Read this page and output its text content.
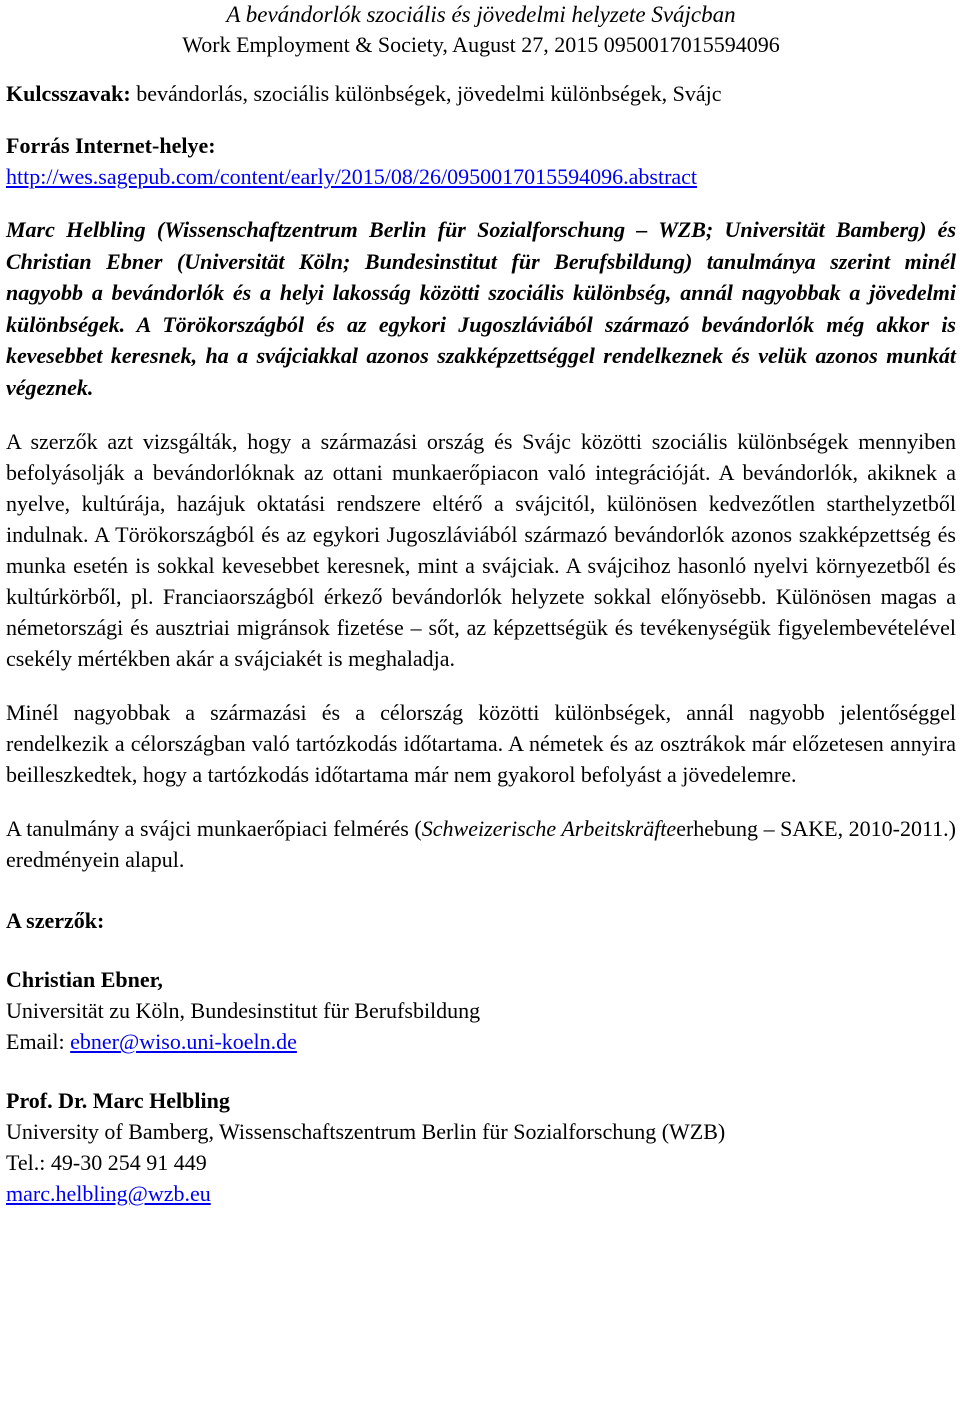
A bevándorlók szociális és jövedelmi helyzete Svájcban
Work Employment & Society, August 27, 2015 0950017015594096
Kulcsszavak: bevándorlás, szociális különbségek, jövedelmi különbségek, Svájc
Forrás Internet-helye:
http://wes.sagepub.com/content/early/2015/08/26/0950017015594096.abstract
Marc Helbling (Wissenschaftzentrum Berlin für Sozialforschung – WZB; Universität Bamberg) és Christian Ebner (Universität Köln; Bundesinstitut für Berufsbildung) tanulmánya szerint minél nagyobb a bevándorlók és a helyi lakosság közötti szociális különbség, annál nagyobbak a jövedelmi különbségek. A Törökországból és az egykori Jugoszláviából származó bevándorlók még akkor is kevesebbet keresnek, ha a svájciakkal azonos szakképzettséggel rendelkeznek és velük azonos munkát végeznek.
A szerzők azt vizsgálták, hogy a származási ország és Svájc közötti szociális különbségek mennyiben befolyásolják a bevándorlóknak az ottani munkaerőpiacon való integrációját. A bevándorlók, akiknek a nyelve, kultúrája, hazájuk oktatási rendszere eltérő a svájcitól, különösen kedvezőtlen starthelyzetből indulnak. A Törökországból és az egykori Jugoszláviából származó bevándorlók azonos szakképzettség és munka esetén is sokkal kevesebbet keresnek, mint a svájciak. A svájcihoz hasonló nyelvi környezetből és kultúrkörből, pl. Franciaországból érkező bevándorlók helyzete sokkal előnyösebb. Különösen magas a németországi és ausztriai migránsok fizetése – sőt, az képzettségük és tevékenységük figyelembevételével csekély mértékben akár a svájciakét is meghaladja.
Minél nagyobbak a származási és a célország közötti különbségek, annál nagyobb jelentőséggel rendelkezik a célországban való tartózkodás időtartama. A németek és az osztrákok már előzetesen annyira beilleszkedtek, hogy a tartózkodás időtartama már nem gyakorol befolyást a jövedelemre.
A tanulmány a svájci munkaerőpiaci felmérés (Schweizerische Arbeitskräfteerhebung – SAKE, 2010-2011.) eredményein alapul.
A szerzők:
Christian Ebner,
Universität zu Köln, Bundesinstitut für Berufsbildung
Email: ebner@wiso.uni-koeln.de
Prof. Dr. Marc Helbling
University of Bamberg, Wissenschaftszentrum Berlin für Sozialforschung (WZB)
Tel.: 49-30 254 91 449
marc.helbling@wzb.eu
